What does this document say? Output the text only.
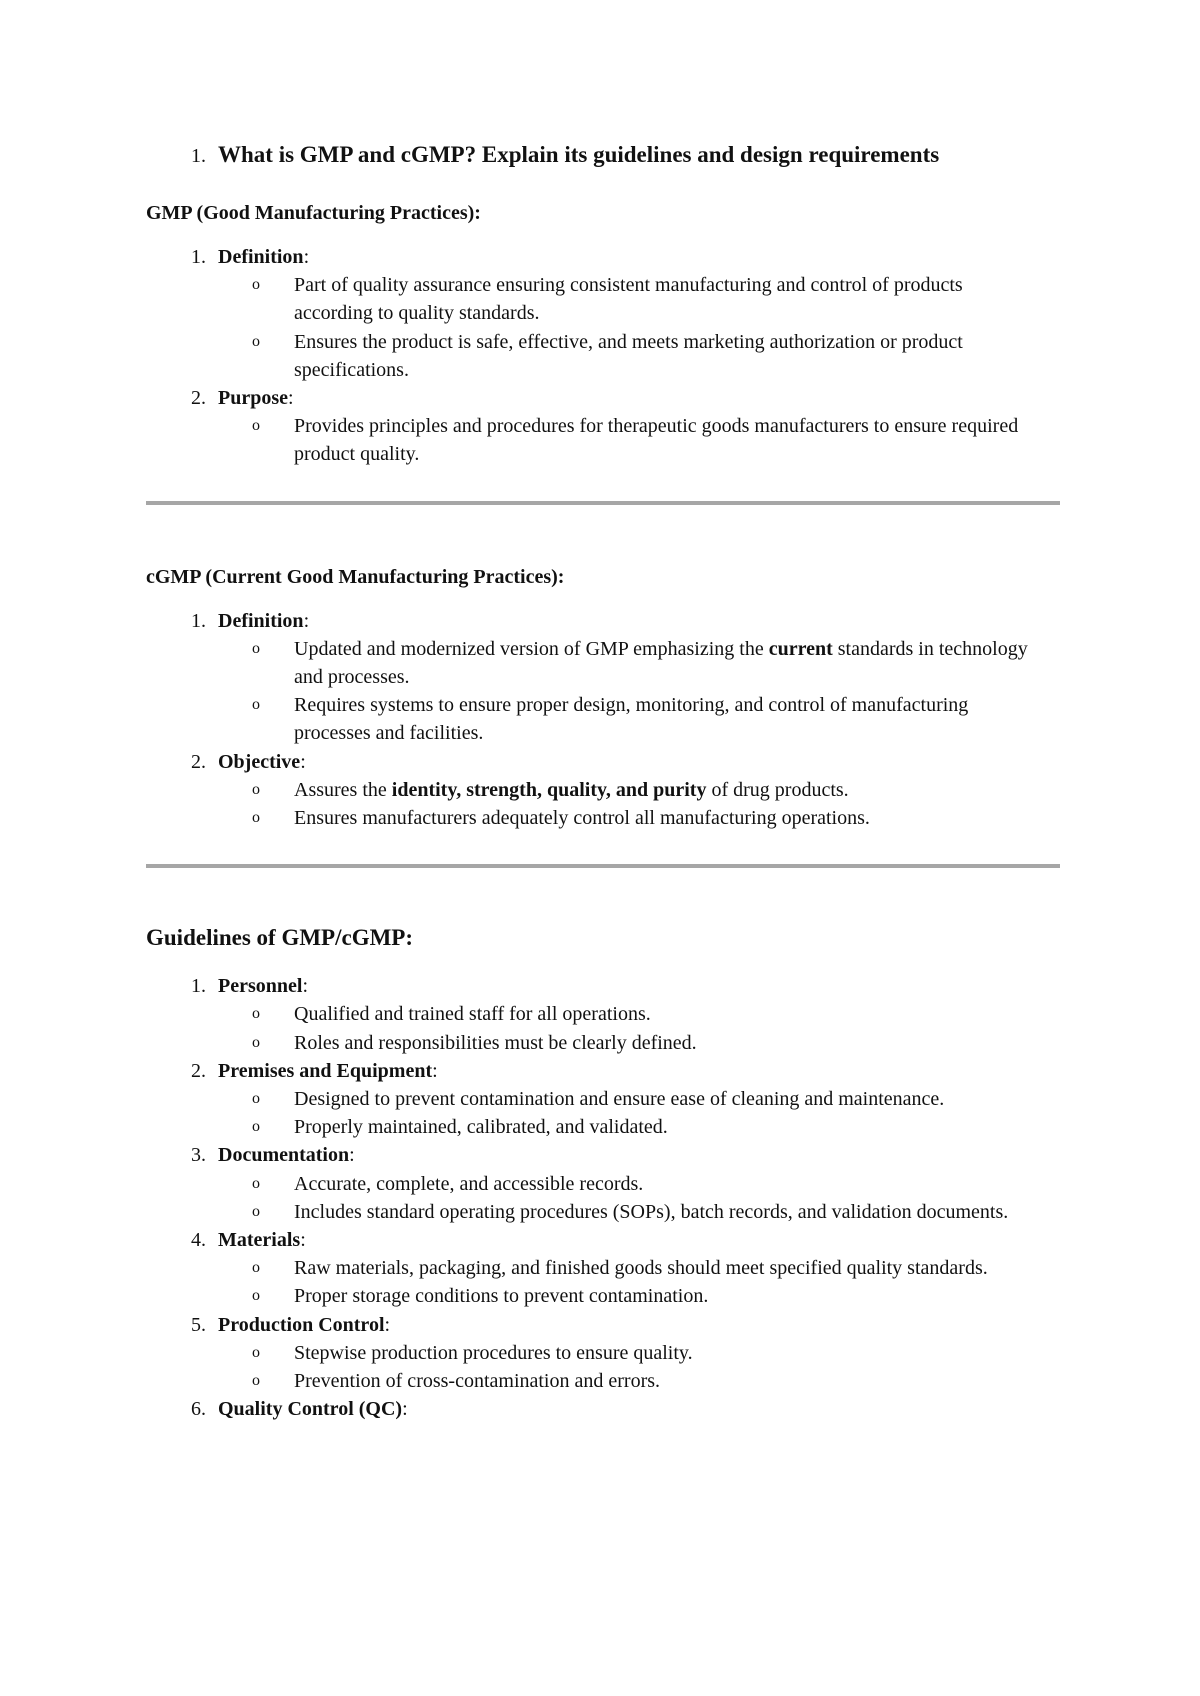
1. What is GMP and cGMP? Explain its guidelines and design requirements
GMP (Good Manufacturing Practices):
1. Definition:
o	Part of quality assurance ensuring consistent manufacturing and control of products according to quality standards.
o	Ensures the product is safe, effective, and meets marketing authorization or product specifications.
2. Purpose:
o	Provides principles and procedures for therapeutic goods manufacturers to ensure required product quality.
cGMP (Current Good Manufacturing Practices):
1. Definition:
o	Updated and modernized version of GMP emphasizing the current standards in technology and processes.
o	Requires systems to ensure proper design, monitoring, and control of manufacturing processes and facilities.
2. Objective:
o	Assures the identity, strength, quality, and purity of drug products.
o	Ensures manufacturers adequately control all manufacturing operations.
Guidelines of GMP/cGMP:
1. Personnel:
o	Qualified and trained staff for all operations.
o	Roles and responsibilities must be clearly defined.
2. Premises and Equipment:
o	Designed to prevent contamination and ensure ease of cleaning and maintenance.
o	Properly maintained, calibrated, and validated.
3. Documentation:
o	Accurate, complete, and accessible records.
o	Includes standard operating procedures (SOPs), batch records, and validation documents.
4. Materials:
o	Raw materials, packaging, and finished goods should meet specified quality standards.
o	Proper storage conditions to prevent contamination.
5. Production Control:
o	Stepwise production procedures to ensure quality.
o	Prevention of cross-contamination and errors.
6. Quality Control (QC):
